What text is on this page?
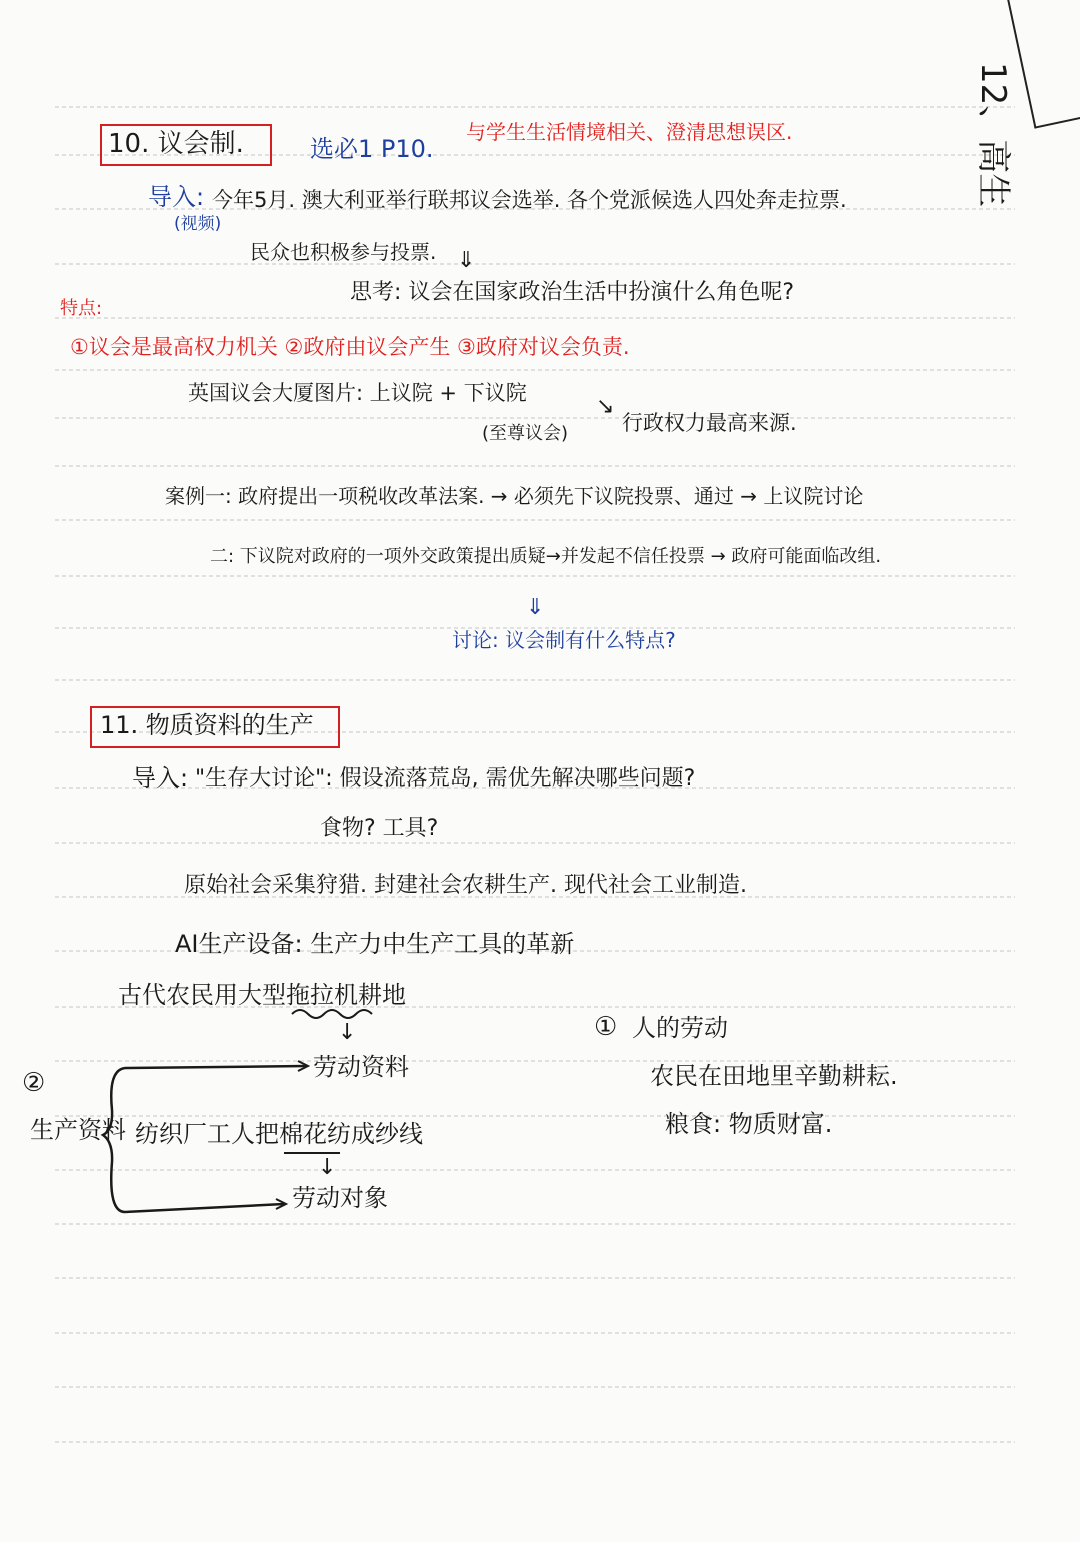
12、高生
10. 议会制.	选必1 P10.
与学生生活情境相关、澄清思想误区.
导入:
(视频)
今年5月. 澳大利亚举行联邦议会选举. 各个党派候选人四处奔走拉票.
民众也积极参与投票. ⇓
思考: 议会在国家政治生活中扮演什么角色呢?
特点:
①议会是最高权力机关 ②政府由议会产生 ③政府对议会负责.
英国议会大厦图片: 上议院 + 下议院
(至尊议会)
↘
行政权力最高来源.
案例一: 政府提出一项税收改革法案. → 必须先下议院投票、通过 → 上议院讨论
二: 下议院对政府的一项外交政策提出质疑→并发起不信任投票 → 政府可能面临改组.
⇓
讨论: 议会制有什么特点?
11. 物质资料的生产
导入: "生存大讨论": 假设流落荒岛, 需优先解决哪些问题?
食物? 工具?
原始社会采集狩猎. 封建社会农耕生产. 现代社会工业制造.
AI生产设备: 生产力中生产工具的革新
古代农民用大型拖拉机耕地
↓
劳动资料
②
生产资料 纺织厂工人把棉花纺成纱线
↓
劳动对象
① 人的劳动
农民在田地里辛勤耕耘.
粮食: 物质财富.
